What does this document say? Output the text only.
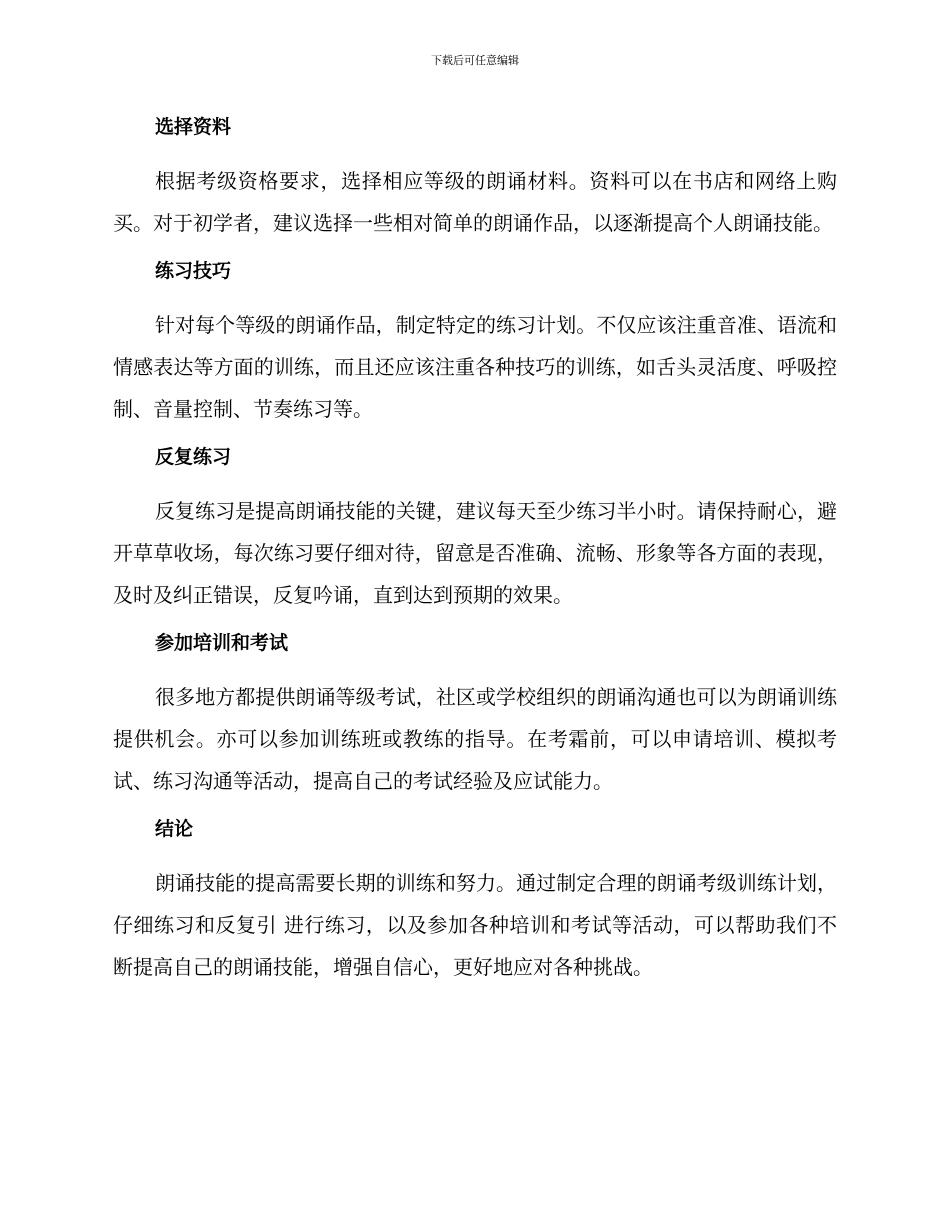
下载后可任意编辑
选择资料

根据考级资格要求，选择相应等级的朗诵材料。资料可以在书店和网络上购买。对于初学者，建议选择一些相对简单的朗诵作品，以逐渐提高个人朗诵技能。

练习技巧

针对每个等级的朗诵作品，制定特定的练习计划。不仅应该注重音准、语流和情感表达等方面的训练，而且还应该注重各种技巧的训练，如舌头灵活度、呼吸控制、音量控制、节奏练习等。

反复练习

反复练习是提高朗诵技能的关键，建议每天至少练习半小时。请保持耐心，避开草草收场，每次练习要仔细对待，留意是否准确、流畅、形象等各方面的表现，及时及纠正错误，反复吟诵，直到达到预期的效果。

参加培训和考试

很多地方都提供朗诵等级考试，社区或学校组织的朗诵沟通也可以为朗诵训练提供机会。亦可以参加训练班或教练的指导。在考霜前，可以申请培训、模拟考试、练习沟通等活动，提高自己的考试经验及应试能力。

结论

朗诵技能的提高需要长期的训练和努力。通过制定合理的朗诵考级训练计划，仔细练习和反复引 进行练习，以及参加各种培训和考试等活动，可以帮助我们不断提高自己的朗诵技能，增强自信心，更好地应对各种挑战。
